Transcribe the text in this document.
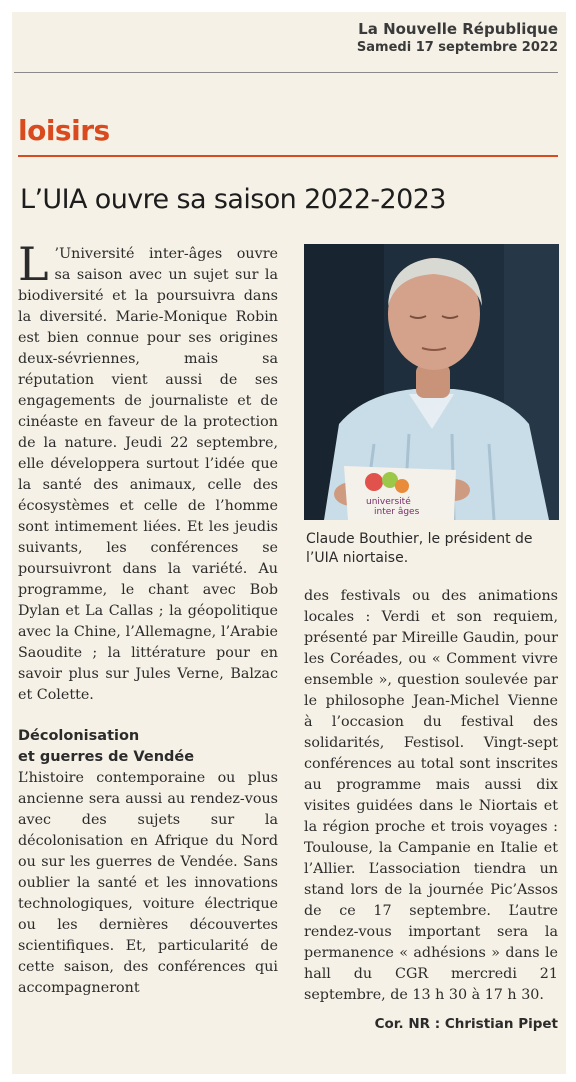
La Nouvelle République
Samedi 17 septembre 2022
loisirs
L’UIA ouvre sa saison 2022-2023

L ’Université inter-âges ouvre sa saison avec un sujet sur la biodiversité et la poursuivra dans la diversité. Marie-Monique Robin est bien connue pour ses origines deux-sévriennes, mais sa réputation vient aussi de ses engagements de journaliste et de cinéaste en faveur de la protection de la nature. Jeudi 22 septembre, elle développera surtout l’idée que la santé des animaux, celle des écosystèmes et celle de l’homme sont intimement liées. Et les jeudis suivants, les conférences se poursuivront dans la variété. Au programme, le chant avec Bob Dylan et La Callas ; la géopolitique avec la Chine, l’Allemagne, l’Arabie Saoudite ; la littérature pour en savoir plus sur Jules Verne, Balzac et Colette.

Décolonisation
et guerres de Vendée

L’histoire contemporaine ou plus ancienne sera aussi au rendez-vous avec des sujets sur la décolonisation en Afrique du Nord ou sur les guerres de Vendée. Sans oublier la santé et les innovations technologiques, voiture électrique ou les dernières découvertes scientifiques. Et, particularité de cette saison, des conférences qui accompagneront

université
inter âges
Claude Bouthier, le président de l’UIA niortaise.

des festivals ou des animations locales : Verdi et son requiem, présenté par Mireille Gaudin, pour les Coréades, ou « Comment vivre ensemble », question soulevée par le philosophe Jean-Michel Vienne à l’occasion du festival des solidarités, Festisol. Vingt-sept conférences au total sont inscrites au programme mais aussi dix visites guidées dans le Niortais et la région proche et trois voyages : Toulouse, la Campanie en Italie et l’Allier. L’association tiendra un stand lors de la journée Pic’Assos de ce 17 septembre. L’autre rendez-vous important sera la permanence « adhésions » dans le hall du CGR mercredi 21 septembre, de 13 h 30 à 17 h 30.

Cor. NR : Christian Pipet
